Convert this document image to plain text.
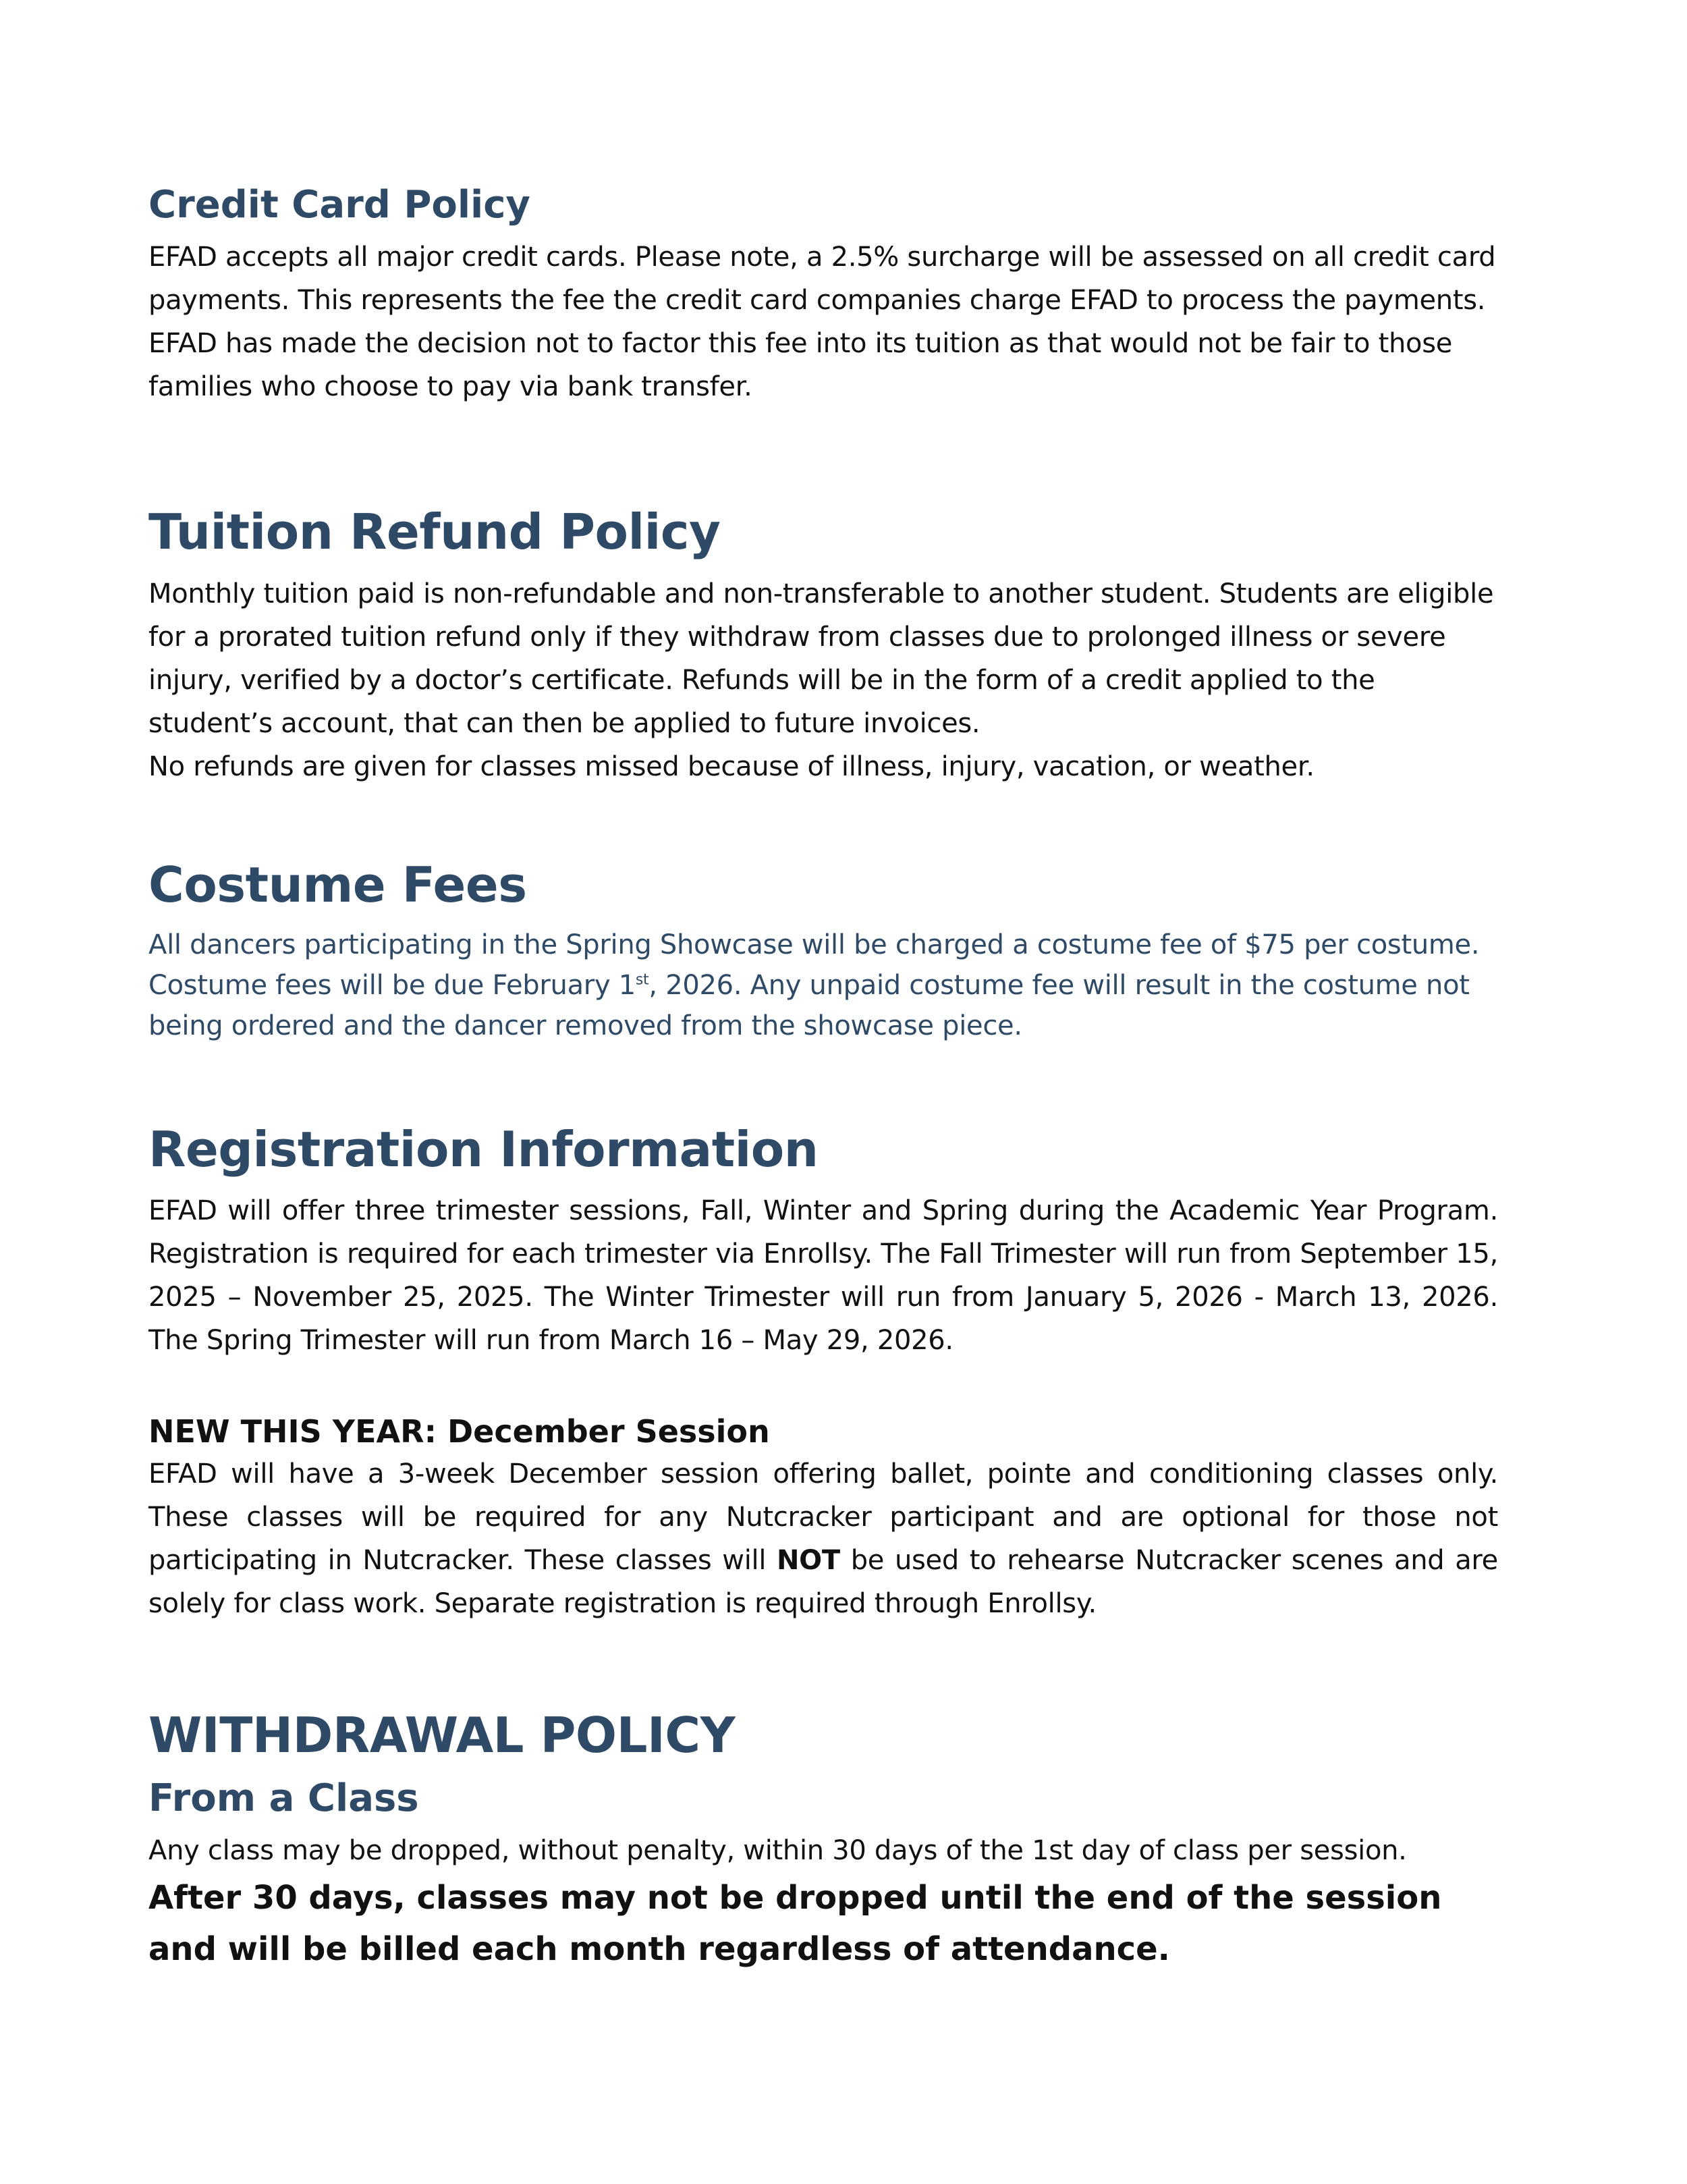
Credit Card Policy

EFAD accepts all major credit cards. Please note, a 2.5% surcharge will be assessed on all credit card payments. This represents the fee the credit card companies charge EFAD to process the payments. EFAD has made the decision not to factor this fee into its tuition as that would not be fair to those families who choose to pay via bank transfer.

Tuition Refund Policy

Monthly tuition paid is non-refundable and non-transferable to another student. Students are eligible for a prorated tuition refund only if they withdraw from classes due to prolonged illness or severe injury, verified by a doctor’s certificate. Refunds will be in the form of a credit applied to the student’s account, that can then be applied to future invoices.

No refunds are given for classes missed because of illness, injury, vacation, or weather.

Costume Fees

All dancers participating in the Spring Showcase will be charged a costume fee of $75 per costume. Costume fees will be due February 1st, 2026. Any unpaid costume fee will result in the costume not being ordered and the dancer removed from the showcase piece.

Registration Information

EFAD will offer three trimester sessions, Fall, Winter and Spring during the Academic Year Program. Registration is required for each trimester via Enrollsy. The Fall Trimester will run from September 15, 2025 – November 25, 2025. The Winter Trimester will run from January 5, 2026 - March 13, 2026. The Spring Trimester will run from March 16 – May 29, 2026.

NEW THIS YEAR: December Session

EFAD will have a 3-week December session offering ballet, pointe and conditioning classes only. These classes will be required for any Nutcracker participant and are optional for those not participating in Nutcracker. These classes will NOT be used to rehearse Nutcracker scenes and are solely for class work. Separate registration is required through Enrollsy.

WITHDRAWAL POLICY
From a Class

Any class may be dropped, without penalty, within 30 days of the 1st day of class per session.

After 30 days, classes may not be dropped until the end of the session and will be billed each month regardless of attendance.
